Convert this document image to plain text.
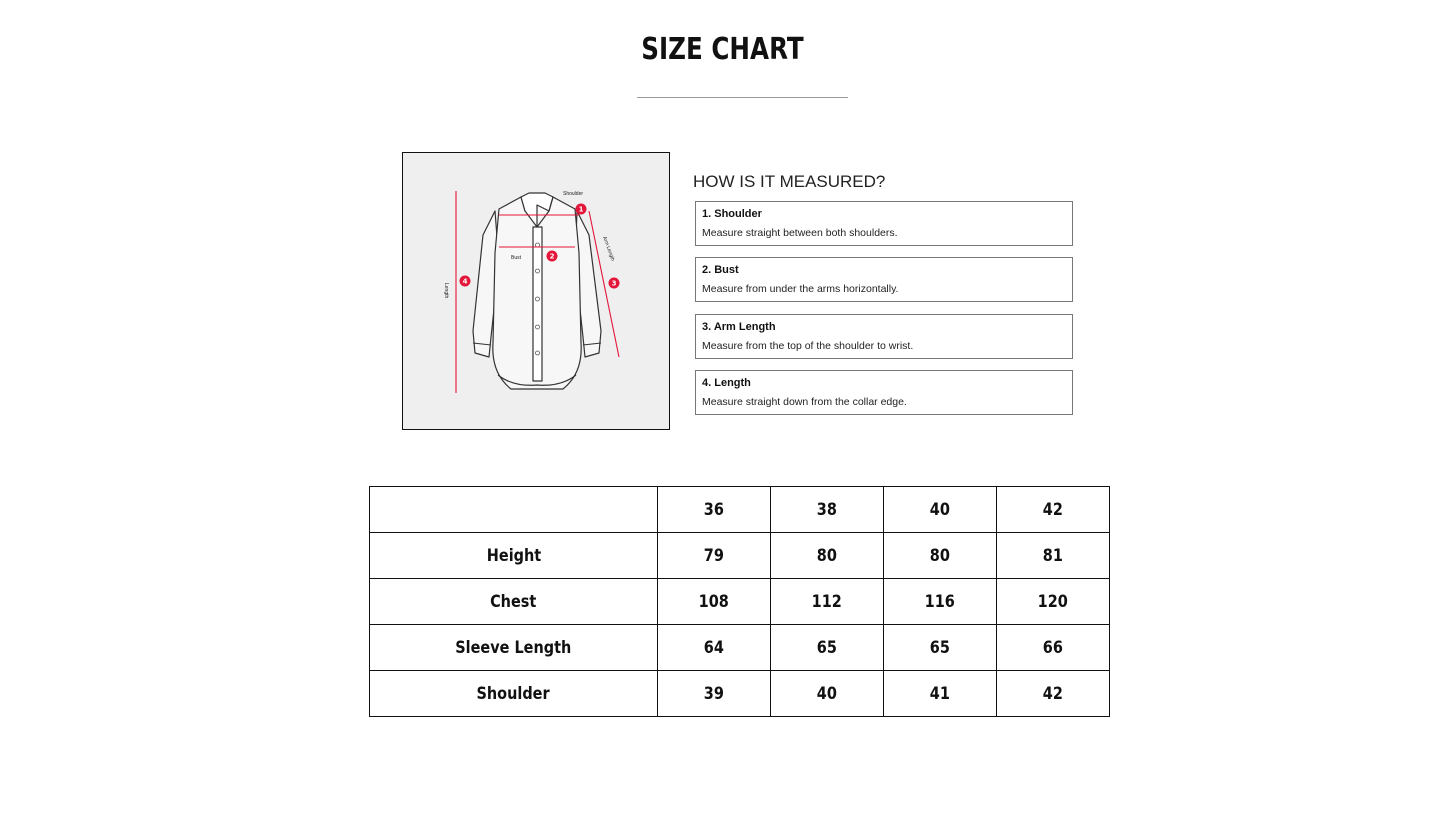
SIZE CHART
1
2
3
4
Shoulder
Bust	Arm Length
Length
HOW IS IT MEASURED?
1. Shoulder
Measure straight between both shoulders.
2. Bust
Measure from under the arms horizontally.
3. Arm Length
Measure from the top of the shoulder to wrist.
4. Length
Measure straight down from the collar edge.
	36	38	40	42
Height	79	80	80	81
Chest	108	112	116	120
Sleeve Length	64	65	65	66
Shoulder	39	40	41	42
